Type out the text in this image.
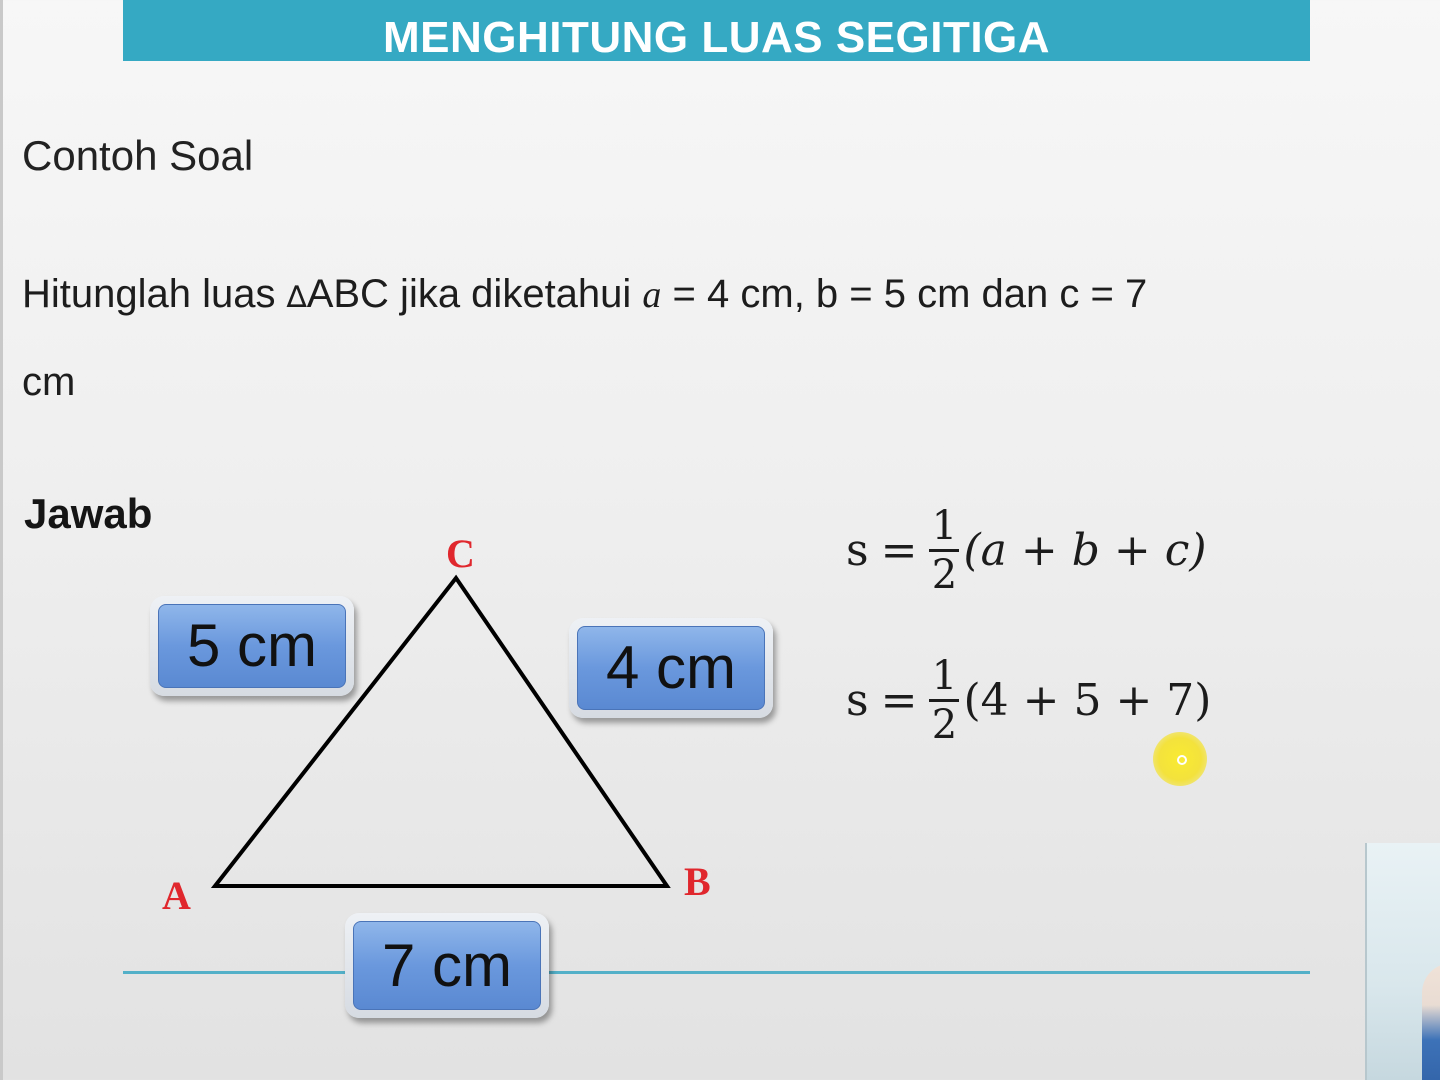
MENGHITUNG LUAS SEGITIGA
Contoh Soal
Hitunglah luas ∆ABC jika diketahui a = 4 cm, b = 5 cm dan c = 7
cm
Jawab
C
A	B
5 cm	4 cm
7 cm
$s = \frac{1}{2} (a + b + c)$
$s = \frac{1}{2} (4 + 5 + 7)$
